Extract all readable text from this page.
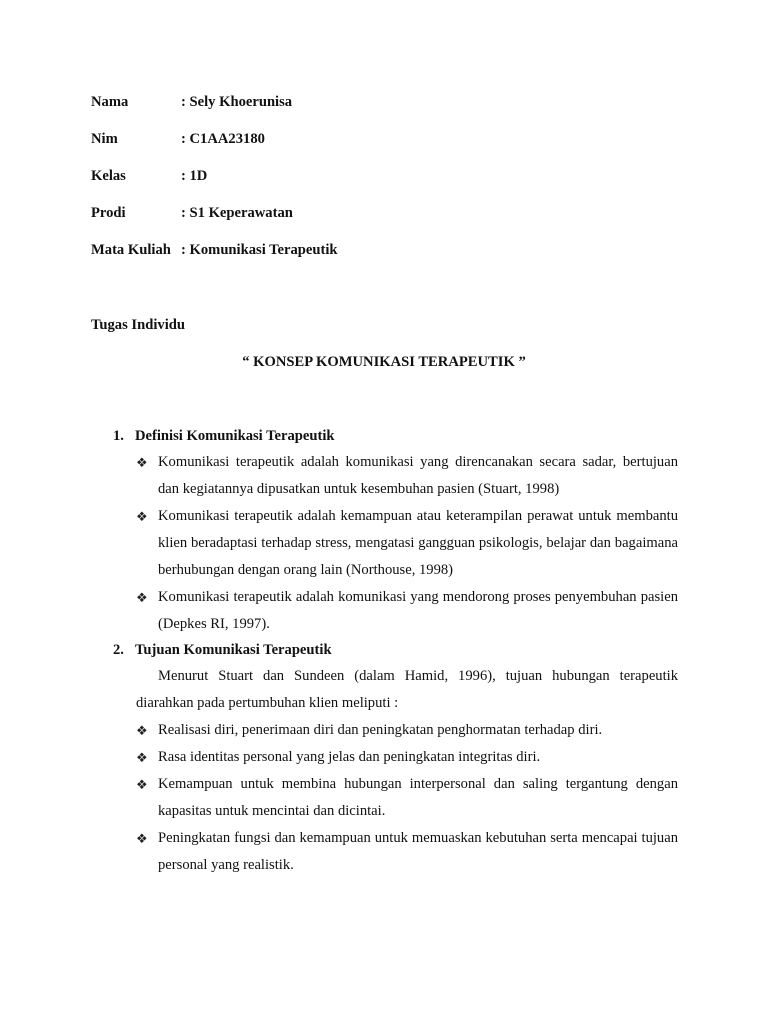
Nama	: Sely Khoerunisa
Nim	: C1AA23180
Kelas	: 1D
Prodi	: S1 Keperawatan
Mata Kuliah : Komunikasi Terapeutik
Tugas Individu
“ KONSEP KOMUNIKASI TERAPEUTIK ”
1. Definisi Komunikasi Terapeutik
❖ Komunikasi terapeutik adalah komunikasi yang direncanakan secara sadar, bertujuan dan kegiatannya dipusatkan untuk kesembuhan pasien (Stuart, 1998)
❖ Komunikasi terapeutik adalah kemampuan atau keterampilan perawat untuk membantu klien beradaptasi terhadap stress, mengatasi gangguan psikologis, belajar dan bagaimana berhubungan dengan orang lain (Northouse, 1998)
❖ Komunikasi terapeutik adalah komunikasi yang mendorong proses penyembuhan pasien (Depkes RI, 1997).
2. Tujuan Komunikasi Terapeutik
Menurut Stuart dan Sundeen (dalam Hamid, 1996), tujuan hubungan terapeutik diarahkan pada pertumbuhan klien meliputi :
❖ Realisasi diri, penerimaan diri dan peningkatan penghormatan terhadap diri.
❖ Rasa identitas personal yang jelas dan peningkatan integritas diri.
❖ Kemampuan untuk membina hubungan interpersonal dan saling tergantung dengan kapasitas untuk mencintai dan dicintai.
❖ Peningkatan fungsi dan kemampuan untuk memuaskan kebutuhan serta mencapai tujuan personal yang realistik.
